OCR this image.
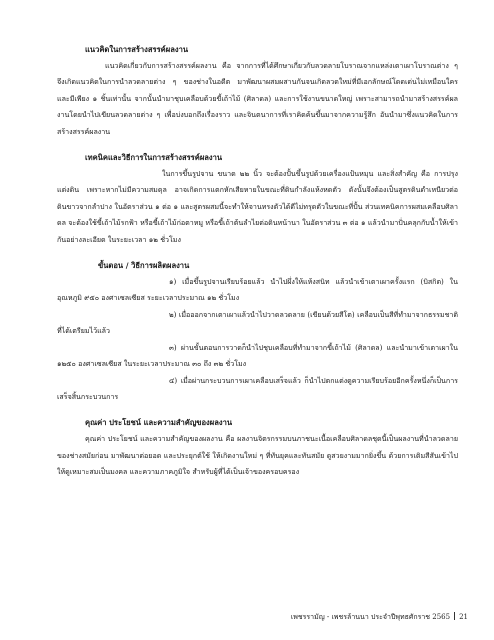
แนวคิดในการสร้างสรรค์ผลงาน

แนวคิดเกี่ยวกับการสร้างสรรค์ผลงาน คือ จากการที่ได้ศึกษาเกี่ยวกับลวดลายโบราณจากแหล่งเตาเผาโบราณต่าง ๆ จึงเกิดแนวคิดในการนำลวดลายต่าง ๆ ของช่างในอดีต มาพัฒนาผสมผสานกันจนเกิดลวดใหม่ที่มีเอกลักษณ์โดดเด่นไม่เหมือนใคร และมีเพียง ๑ ชิ้นเท่านั้น จากนั้นนำมาชุบเคลือบด้วยขี้เถ้าไม้ (ศิลาดล) และการใช้งานขนาดใหญ่ เพราะสามารถนำมาสร้างสรรค์ผลงานโดยนำไปเขียนลวดลายต่าง ๆ เพื่อบ่งบอกถึงเรื่องราว และจินตนาการที่เราคิดค้นขึ้นมาจากความรู้สึก อันนำมาซึ่งแนวคิดในการสร้างสรรค์ผลงาน

เทคนิคและวิธีการในการสร้างสรรค์ผลงาน

ในการขึ้นรูปจาน ขนาด ๒๒ นิ้ว จะต้องปั้นขึ้นรูปด้วยเครื่องแป้นหมุน และสิ่งสำคัญ คือ การปรุงแต่งดิน เพราะหากไม่มีความสมดุล อาจเกิดการแตกหักเสียหายในขณะที่ดินกำลังแห้งหดตัว ดังนั้นจึงต้องเป็นสูตรดินดำเหนียวต่อดินขาวจากลำปาง ในอัตราส่วน ๑ ต่อ ๑ และสูตรผสมนี้จะทำให้จานทรงตัวได้ดีไม่ทรุดตัวในขณะที่ปั้น ส่วนเทคนิคการผสมเคลือบศิลาดล จะต้องใช้ขี้เถ้าไม้รกฟ้า หรือขี้เถ้าไม้ก่อตาหมู หรือขี้เถ้าต้นลำไยต่อดินหน้านา ในอัตราส่วน ๓ ต่อ ๑ แล้วนำมาปั่นคลุกกับน้ำให้เข้ากันอย่างละเอียด ในระยะเวลา ๑๒ ชั่วโมง

ขั้นตอน / วิธีการผลิตผลงาน

๑) เมื่อขึ้นรูปจานเรียบร้อยแล้ว นำไปผึ่งให้แห้งสนิท แล้วนำเข้าเตาเผาครั้งแรก (บิสกิต) ในอุณหภูมิ ๙๕๐ องศาเซลเซียส ระยะเวลาประมาณ ๑๒ ชั่วโมง

๒) เมื่อออกจากเตาเผาแล้วนำไปวาดลวดลาย (เขียนด้วยสีโต) เคลือบเป็นสีที่ทำมาจากธรรมชาติที่ได้เตรียมไว้แล้ว

๓) ผ่านขั้นตอนการวาดก็นำไปชุบเคลือบที่ทำมาจากขี้เถ้าไม้ (ศิลาดล) และนำมาเข้าเตาเผาใน ๑๒๕๐ องศาเซลเซียส ในระยะเวลาประมาณ ๓๐ ถึง ๓๒ ชั่วโมง

๔) เมื่อผ่านกระบวนการเผาเคลือบเสร็จแล้ว ก็นำไปตกแต่งดูความเรียบร้อยอีกครั้งหนึ่งก็เป็นการเสร็จสิ้นกระบวนการ

คุณค่า ประโยชน์ และความสำคัญของผลงาน

คุณค่า ประโยชน์ และความสำคัญของผลงาน คือ ผลงานจิตรกรรมบนภาชนะเนื้อเคลือบศิลาดลชุดนี้เป็นผลงานที่นำลวดลายของช่างสมัยก่อน มาพัฒนาต่อยอด และประยุกต์ใช้ ให้เกิดงานใหม่ ๆ ที่ทันยุคและทันสมัย ดูสวยงามมากยิ่งขึ้น ด้วยการเติมสีสันเข้าไปให้ดูเหมาะสมเป็นมงคล และความภาคภูมิใจ สำหรับผู้ที่ได้เป็นเจ้าของครอบครอง

เพชรรามัญ - เพชรล้านนา ประจำปีพุทธศักราช 2565 21
